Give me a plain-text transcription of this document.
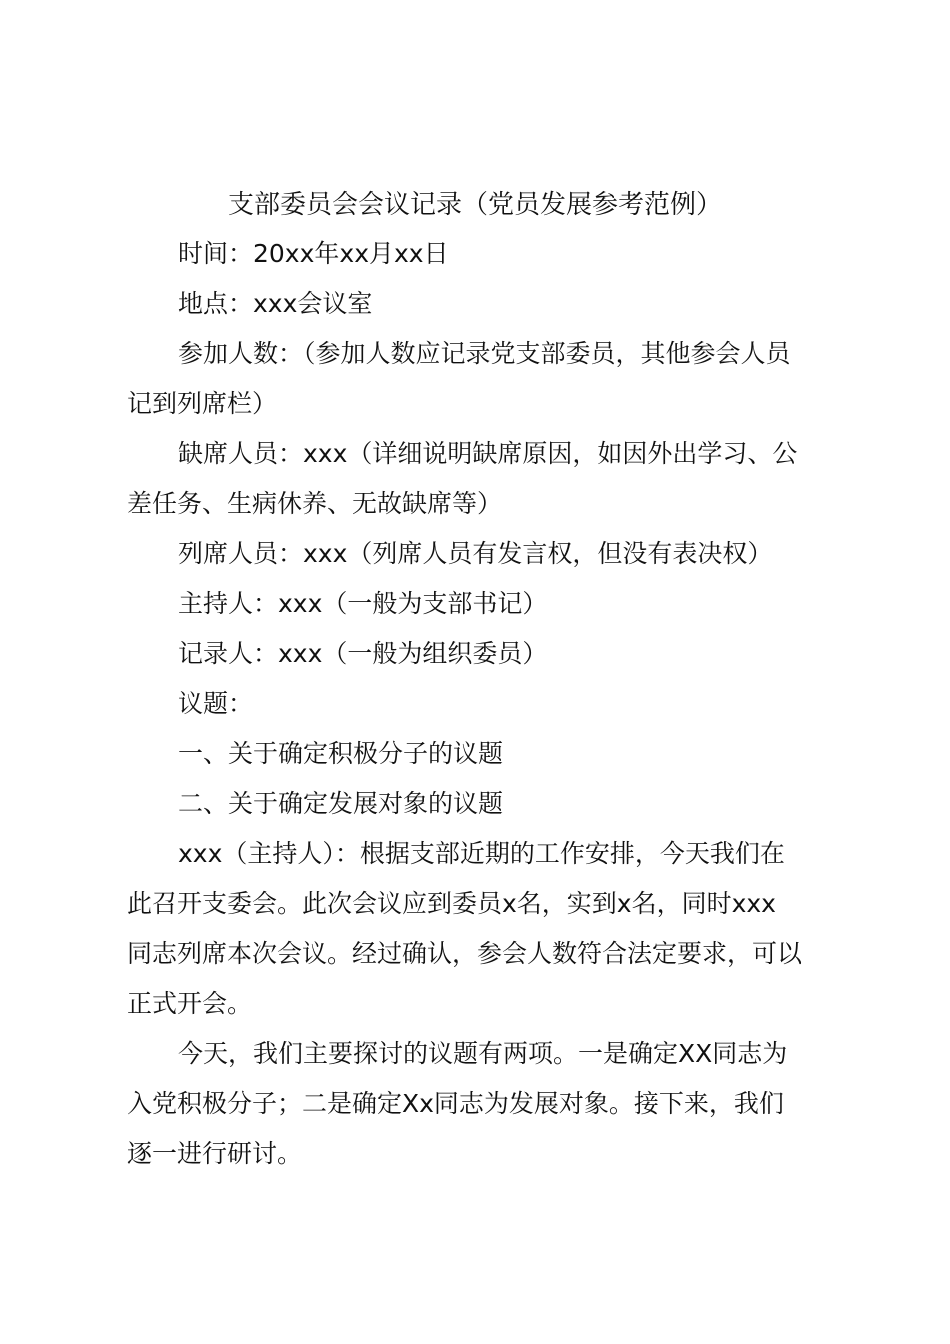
支部委员会会议记录（党员发展参考范例）

时间：20xx年xx月xx日

地点：xxx会议室

参加人数：（参加人数应记录党支部委员，其他参会人员

记到列席栏）

缺席人员：xxx（详细说明缺席原因，如因外出学习、公

差任务、生病休养、无故缺席等）

列席人员：xxx（列席人员有发言权，但没有表决权）

主持人：xxx（一般为支部书记）

记录人：xxx（一般为组织委员）

议题：

一、关于确定积极分子的议题

二、关于确定发展对象的议题

xxx（主持人）：根据支部近期的工作安排，今天我们在

此召开支委会。此次会议应到委员x名，实到x名，同时xxx

同志列席本次会议。经过确认，参会人数符合法定要求，可以

正式开会。

今天，我们主要探讨的议题有两项。一是确定XX同志为

入党积极分子；二是确定Xx同志为发展对象。接下来，我们

逐一进行研讨。
